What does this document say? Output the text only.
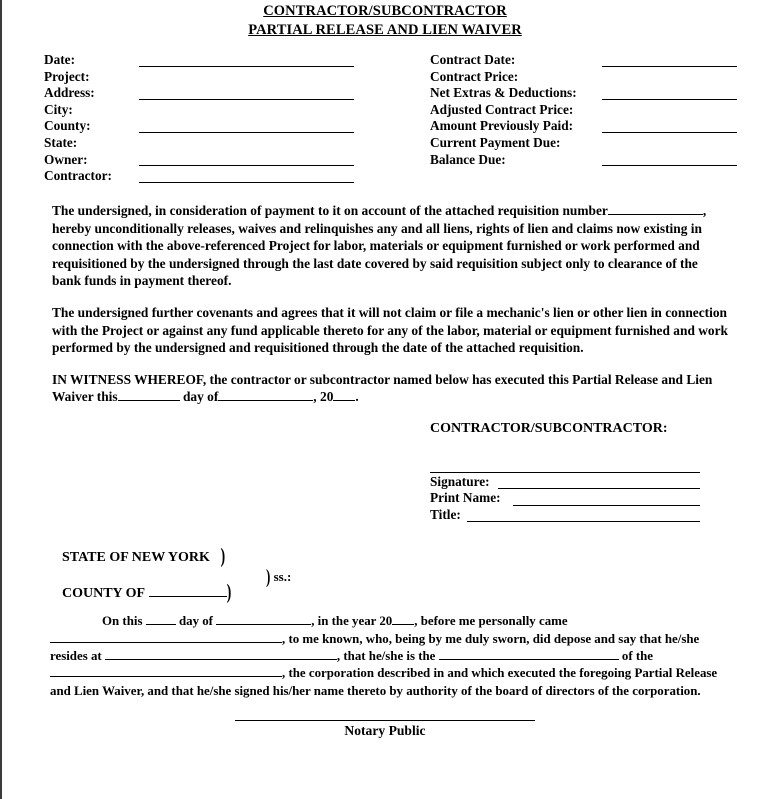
CONTRACTOR/SUBCONTRACTOR
PARTIAL RELEASE AND LIEN WAIVER
Date:
Project:
Address:
City:
County:
State:
Owner:
Contractor:
Contract Date:
Contract Price:
Net Extras & Deductions:
Adjusted Contract Price:
Amount Previously Paid:
Current Payment Due:
Balance Due:

The undersigned, in consideration of payment to it on account of the attached requisition number	, hereby unconditionally releases, waives and relinquishes any and all liens, rights of lien and claims now existing in connection with the above-referenced Project for labor, materials or equipment furnished or work performed and requisitioned by the undersigned through the last date covered by said requisition subject only to clearance of the bank funds in payment thereof.

The undersigned further covenants and agrees that it will not claim or file a mechanic's lien or other lien in connection with the Project or against any fund applicable thereto for any of the labor, material or equipment furnished and work performed by the undersigned and requisitioned through the date of the attached requisition.

IN WITNESS WHEREOF, the contractor or subcontractor named below has executed this Partial Release and Lien Waiver this	day of	, 20 .

CONTRACTOR/SUBCONTRACTOR:
Signature:
Print Name:
Title:
STATE OF NEW YORK )
) ss.:
COUNTY OF	)

On this	day of	, in the year 20 , before me personally came , to me known, who, being by me duly sworn, did depose and say that he/she resides at	, that he/she is the	of the , the corporation described in and which executed the foregoing Partial Release and Lien Waiver, and that he/she signed his/her name thereto by authority of the board of directors of the corporation.

Notary Public
